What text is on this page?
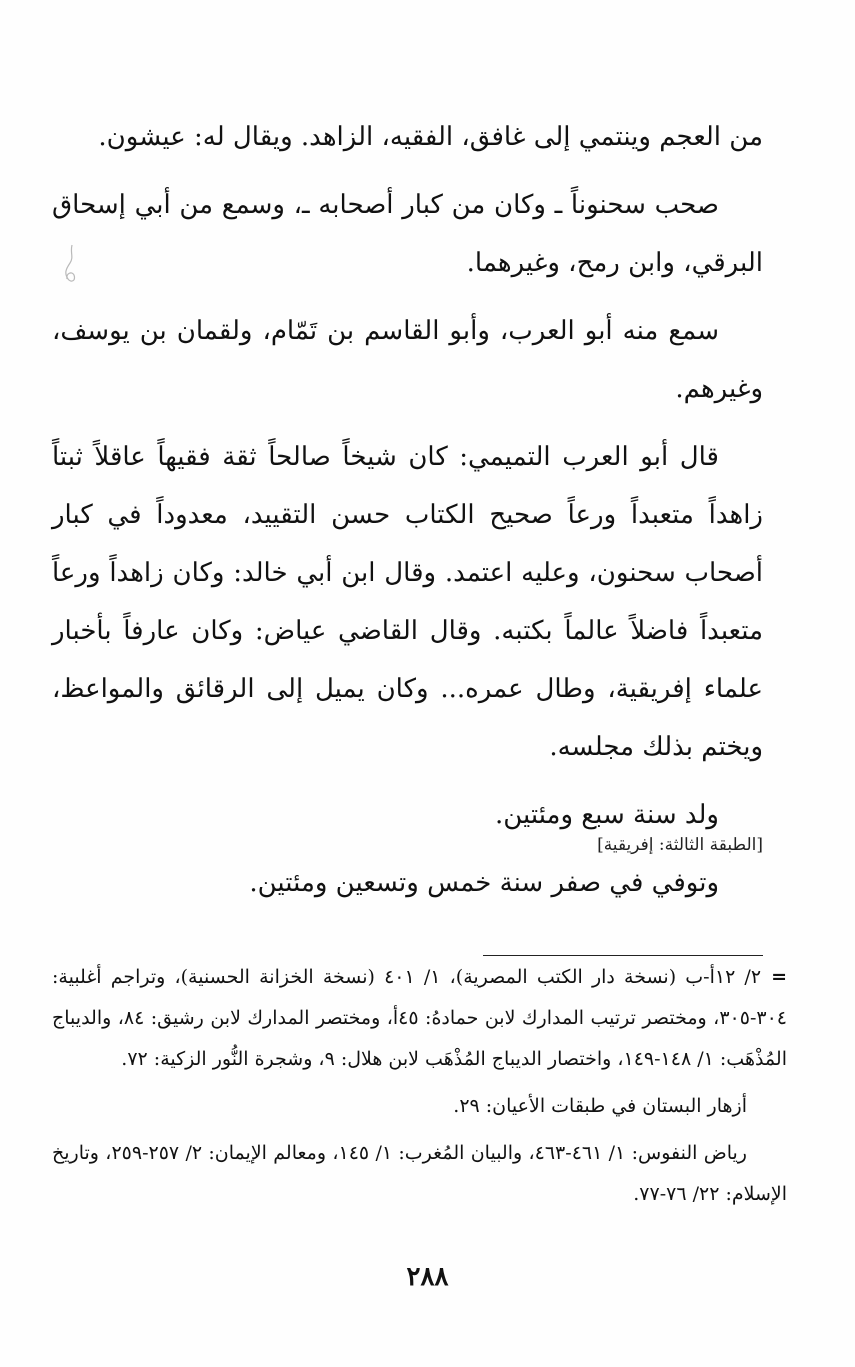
من العجم وينتمي إلى غافق، الفقيه، الزاهد. ويقال له: عيشون.

صحب سحنوناً ـ وكان من كبار أصحابه ـ، وسمع من أبي إسحاق البرقي، وابن رمح، وغيرهما.

سمع منه أبو العرب، وأبو القاسم بن تَمّام، ولقمان بن يوسف، وغيرهم.

قال أبو العرب التميمي: كان شيخاً صالحاً ثقة فقيهاً عاقلاً ثبتاً زاهداً متعبداً ورعاً صحيح الكتاب حسن التقييد، معدوداً في كبار أصحاب سحنون، وعليه اعتمد. وقال ابن أبي خالد: وكان زاهداً ورعاً متعبداً فاضلاً عالماً بكتبه. وقال القاضي عياض: وكان عارفاً بأخبار علماء إفريقية، وطال عمره... وكان يميل إلى الرقائق والمواعظ، ويختم بذلك مجلسه.

ولد سنة سبع ومئتين.

وتوفي في صفر سنة خمس وتسعين ومئتين.

[الطبقة الثالثة: إفريقية]

=٢/ ١٢أ-ب (نسخة دار الكتب المصرية)، ١/ ٤٠١ (نسخة الخزانة الحسنية)، وتراجم أغلبية: ٣٠٤-٣٠٥، ومختصر ترتيب المدارك لابن حمادهُ: ٤٥أ، ومختصر المدارك لابن رشيق: ٨٤، والديباج المُذْهَب: ١/ ١٤٨-١٤٩، واختصار الديباج المُذْهَب لابن هلال: ٩، وشجرة النُّور الزكية: ٧٢.

أزهار البستان في طبقات الأعيان: ٢٩.

رياض النفوس: ١/ ٤٦١-٤٦٣، والبيان المُغرب: ١/ ١٤٥، ومعالم الإيمان: ٢/ ٢٥٧-٢٥٩، وتاريخ الإسلام: ٢٢/ ٧٦-٧٧.

٢٨٨
